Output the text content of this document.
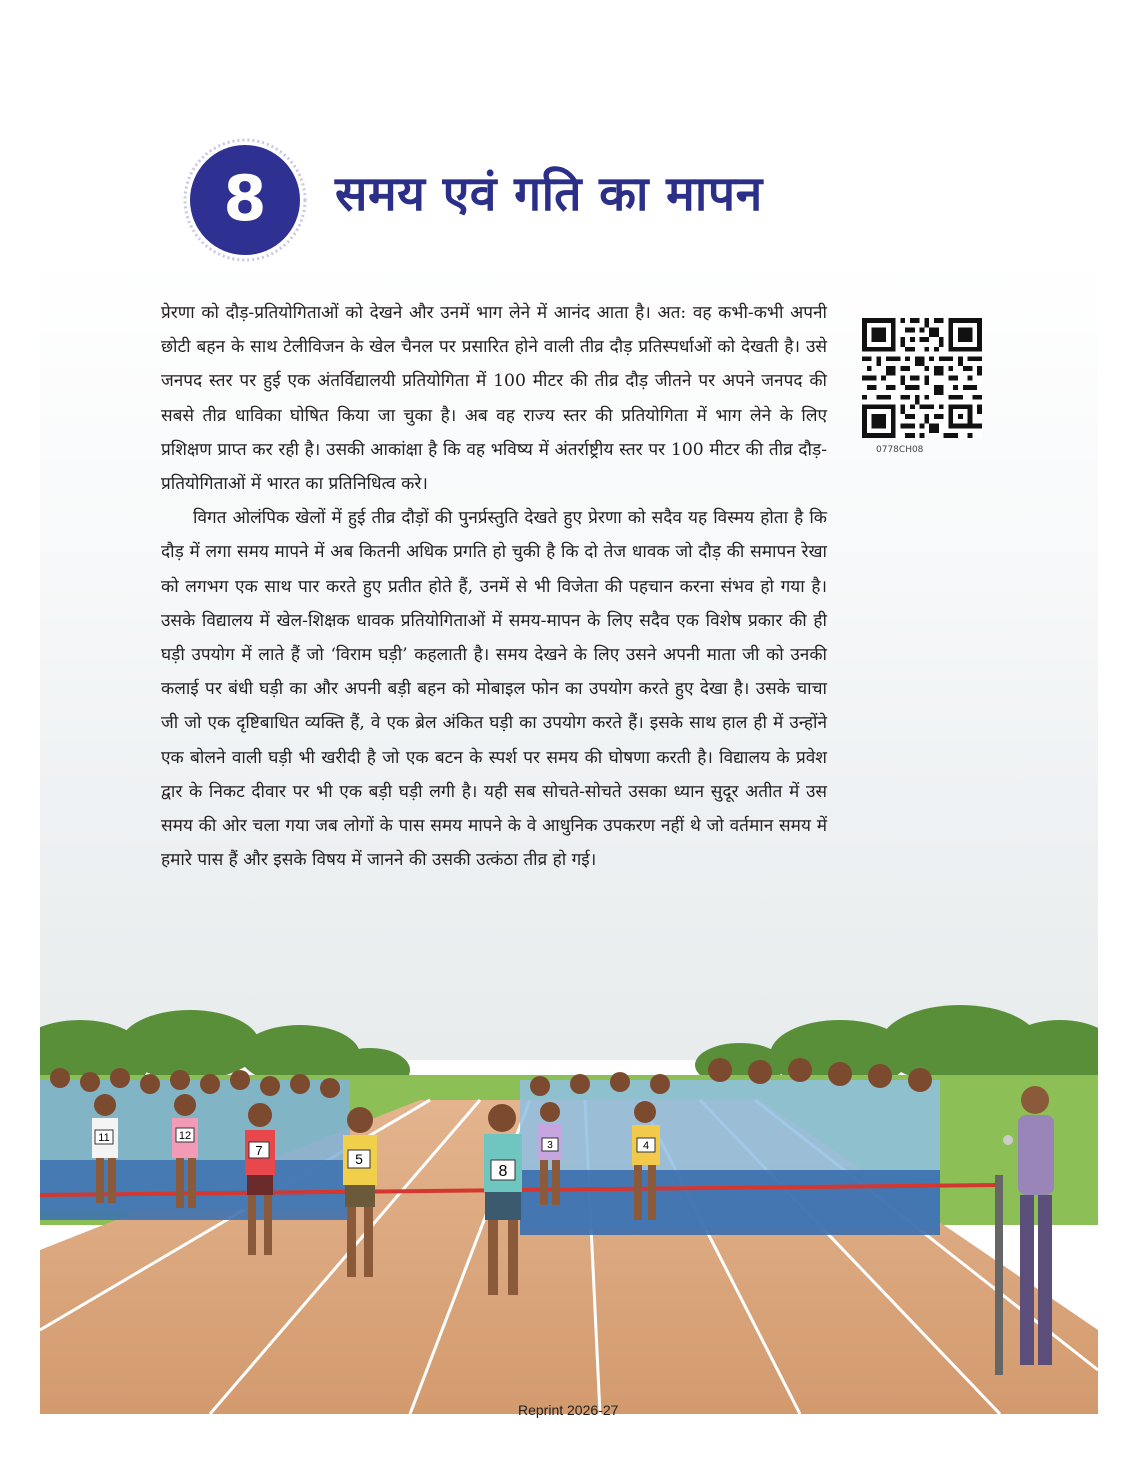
8 समय एवं गति का मापन
0778CH08

प्रेरणा को दौड़-प्रतियोगिताओं को देखने और उनमें भाग लेने में आनंद आता है। अत: वह कभी-कभी अपनी छोटी बहन के साथ टेलीविजन के खेल चैनल पर प्रसारित होने वाली तीव्र दौड़ प्रतिस्पर्धाओं को देखती है। उसे जनपद स्तर पर हुई एक अंतर्विद्यालयी प्रतियोगिता में 100 मीटर की तीव्र दौड़ जीतने पर अपने जनपद की सबसे तीव्र धाविका घोषित किया जा चुका है। अब वह राज्य स्तर की प्रतियोगिता में भाग लेने के लिए प्रशिक्षण प्राप्त कर रही है। उसकी आकांक्षा है कि वह भविष्य में अंतर्राष्ट्रीय स्तर पर 100 मीटर की तीव्र दौड़-प्रतियोगिताओं में भारत का प्रतिनिधित्व करे।

विगत ओलंपिक खेलों में हुई तीव्र दौड़ों की पुनर्प्रस्तुति देखते हुए प्रेरणा को सदैव यह विस्मय होता है कि दौड़ में लगा समय मापने में अब कितनी अधिक प्रगति हो चुकी है कि दो तेज धावक जो दौड़ की समापन रेखा को लगभग एक साथ पार करते हुए प्रतीत होते हैं, उनमें से भी विजेता की पहचान करना संभव हो गया है। उसके विद्यालय में खेल-शिक्षक धावक प्रतियोगिताओं में समय-मापन के लिए सदैव एक विशेष प्रकार की ही घड़ी उपयोग में लाते हैं जो ‘विराम घड़ी’ कहलाती है। समय देखने के लिए उसने अपनी माता जी को उनकी कलाई पर बंधी घड़ी का और अपनी बड़ी बहन को मोबाइल फोन का उपयोग करते हुए देखा है। उसके चाचा जी जो एक दृष्टिबाधित व्यक्ति हैं, वे एक ब्रेल अंकित घड़ी का उपयोग करते हैं। इसके साथ हाल ही में उन्होंने एक बोलने वाली घड़ी भी खरीदी है जो एक बटन के स्पर्श पर समय की घोषणा करती है। विद्यालय के प्रवेश द्वार के निकट दीवार पर भी एक बड़ी घड़ी लगी है। यही सब सोचते-सोचते उसका ध्यान सुदूर अतीत में उस समय की ओर चला गया जब लोगों के पास समय मापने के वे आधुनिक उपकरण नहीं थे जो वर्तमान समय में हमारे पास हैं और इसके विषय में जानने की उसकी उत्कंठा तीव्र हो गई।

11	12
7
5
8
3	4
Reprint 2026-27
